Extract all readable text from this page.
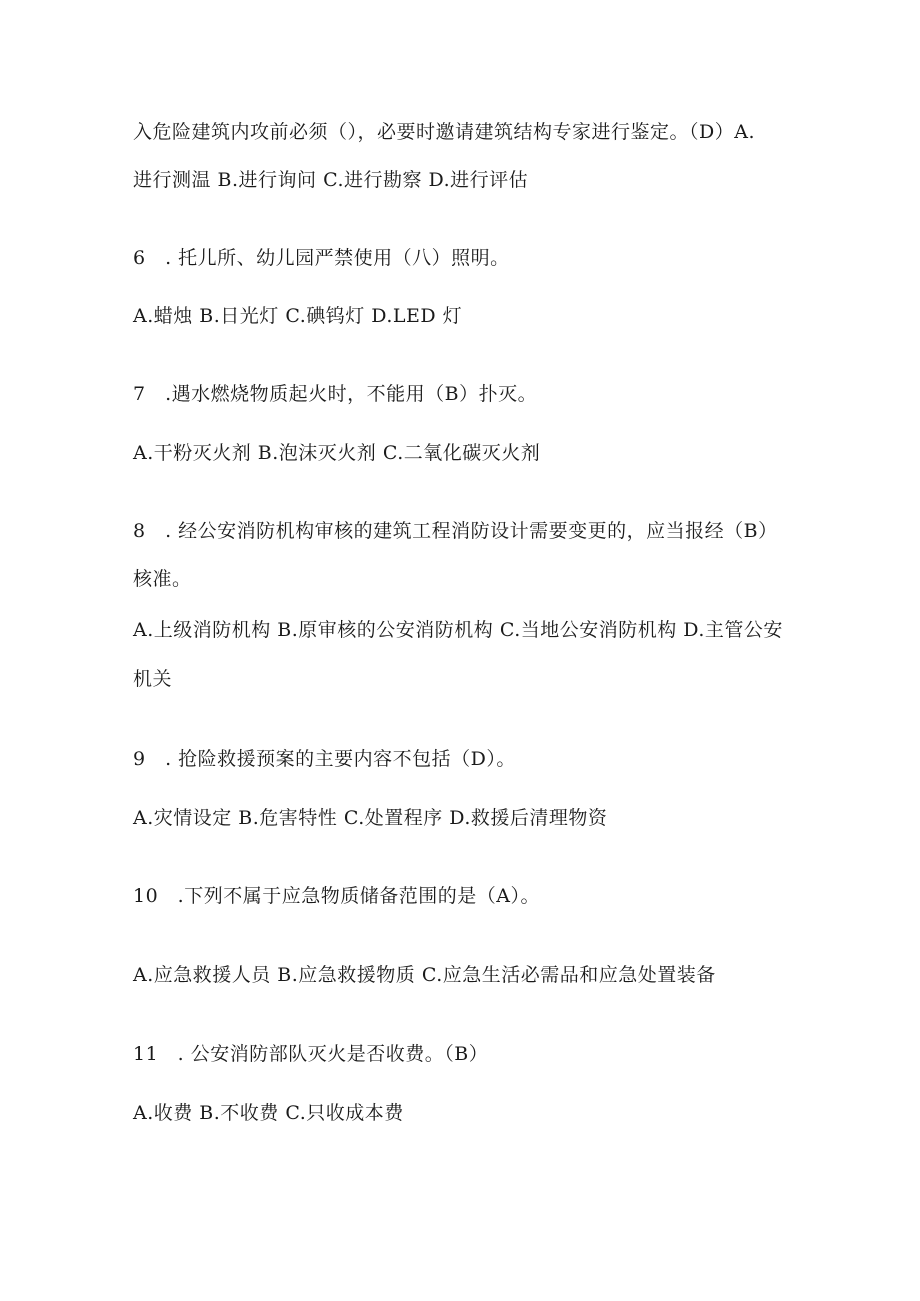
入危险建筑内攻前必须（），必要时邀请建筑结构专家进行鉴定。（D）A.
进行测温 B.进行询问 C.进行勘察 D.进行评估
6　. 托儿所、幼儿园严禁使用（八）照明。
A.蜡烛 B.日光灯 C.碘钨灯 D.LED 灯
7　.遇水燃烧物质起火时，不能用（B）扑灭。
A.干粉灭火剂 B.泡沫灭火剂 C.二氧化碳灭火剂
8　. 经公安消防机构审核的建筑工程消防设计需要变更的，应当报经（B）
核准。
A.上级消防机构 B.原审核的公安消防机构 C.当地公安消防机构 D.主管公安
机关
9　. 抢险救援预案的主要内容不包括（D）。
A.灾情设定 B.危害特性 C.处置程序 D.救援后清理物资
10　.下列不属于应急物质储备范围的是（A）。
A.应急救援人员 B.应急救援物质 C.应急生活必需品和应急处置装备
11　. 公安消防部队灭火是否收费。（B）
A.收费 B.不收费 C.只收成本费
